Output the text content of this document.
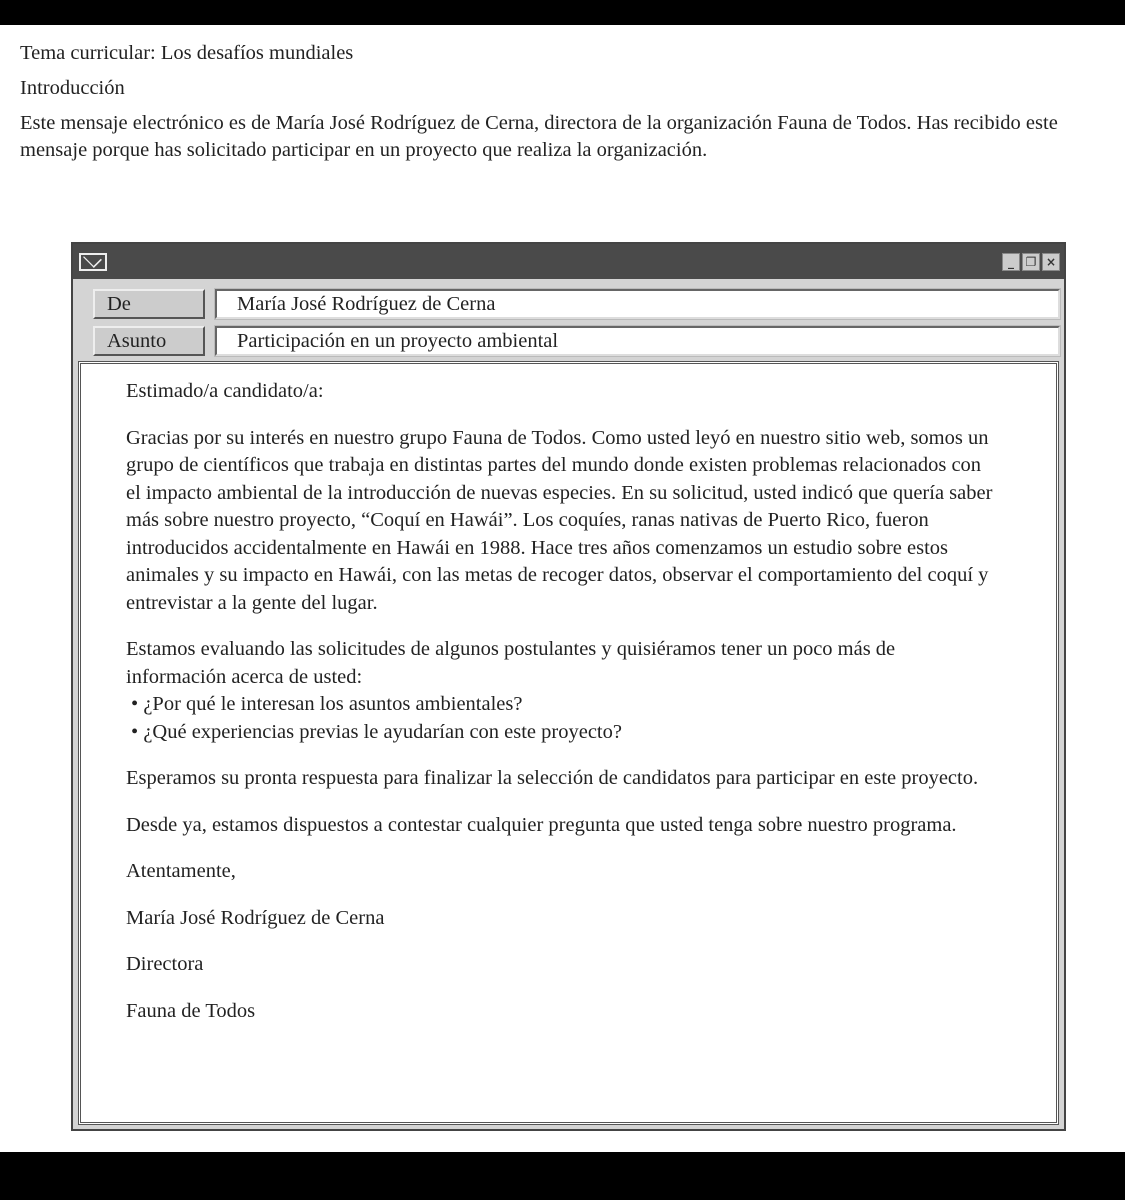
Tema curricular: Los desafíos mundiales

Introducción

Este mensaje electrónico es de María José Rodríguez de Cerna, directora de la organización Fauna de Todos. Has recibido este mensaje porque has solicitado participar en un proyecto que realiza la organización.

_ ❐ ×
De	María José Rodríguez de Cerna
Asunto	Participación en un proyecto ambiental

Estimado/a candidato/a:

Gracias por su interés en nuestro grupo Fauna de Todos. Como usted leyó en nuestro sitio web, somos un grupo de científicos que trabaja en distintas partes del mundo donde existen problemas relacionados con el impacto ambiental de la introducción de nuevas especies. En su solicitud, usted indicó que quería saber más sobre nuestro proyecto, “Coquí en Hawái”. Los coquíes, ranas nativas de Puerto Rico, fueron introducidos accidentalmente en Hawái en 1988. Hace tres años comenzamos un estudio sobre estos animales y su impacto en Hawái, con las metas de recoger datos, observar el comportamiento del coquí y entrevistar a la gente del lugar.

Estamos evaluando las solicitudes de algunos postulantes y quisiéramos tener un poco más de información acerca de usted:
• ¿Por qué le interesan los asuntos ambientales?
• ¿Qué experiencias previas le ayudarían con este proyecto?

Esperamos su pronta respuesta para finalizar la selección de candidatos para participar en este proyecto.

Desde ya, estamos dispuestos a contestar cualquier pregunta que usted tenga sobre nuestro programa.

Atentamente,

María José Rodríguez de Cerna

Directora

Fauna de Todos
